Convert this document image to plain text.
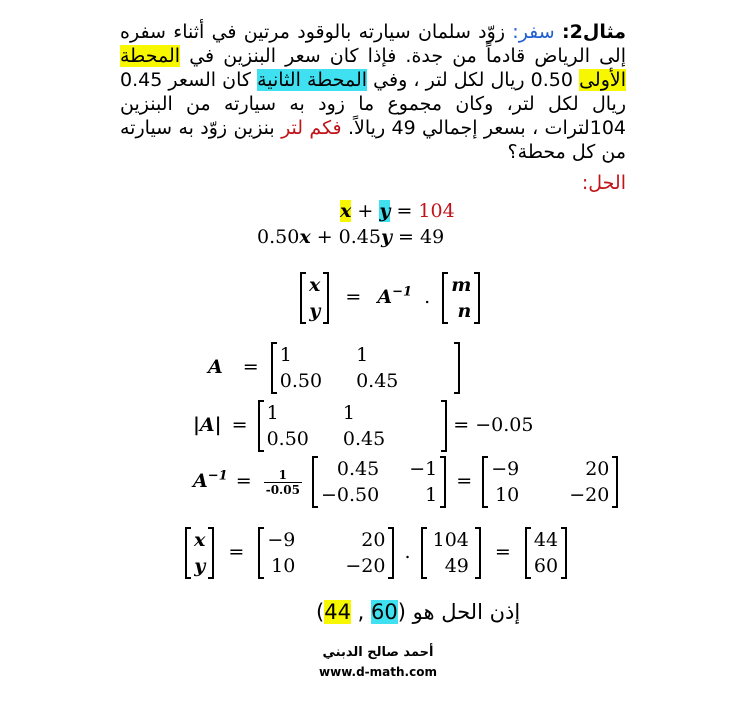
مثال2: سفر: زوّد سلمان سيارته بالوقود مرتين في أثناء سفره إلى الرياض قادماً من جدة. فإذا كان سعر البنزين في المحطة الأولى 0.50 ريال لكل لتر ، وفي المحطة الثانية كان السعر 0.45 ريال لكل لتر، وكان مجموع ما زود به سيارته من البنزين 104لترات ، بسعر إجمالي 49 ريالاً. فكم لتر بنزين زوّد به سيارته من كل محطة؟
الحل:
x + y = 104
0.50x + 0.45y = 49
x
y
= $A^{-1}$ .
m
n
A =
1	1
0.50 0.45
|A| =
1	1
0.50 0.45
= −0.05
$A^{-1} = \frac{1}{-0.05}$
	0.45 −1
−0.50	1
=
−9	20
10	−20
x
y
=
−9	20
10	−20
.
104
49
=
44
60
إذن الحل هو (60 , 44)
أحمد صالح الدبني
www.d-math.com
